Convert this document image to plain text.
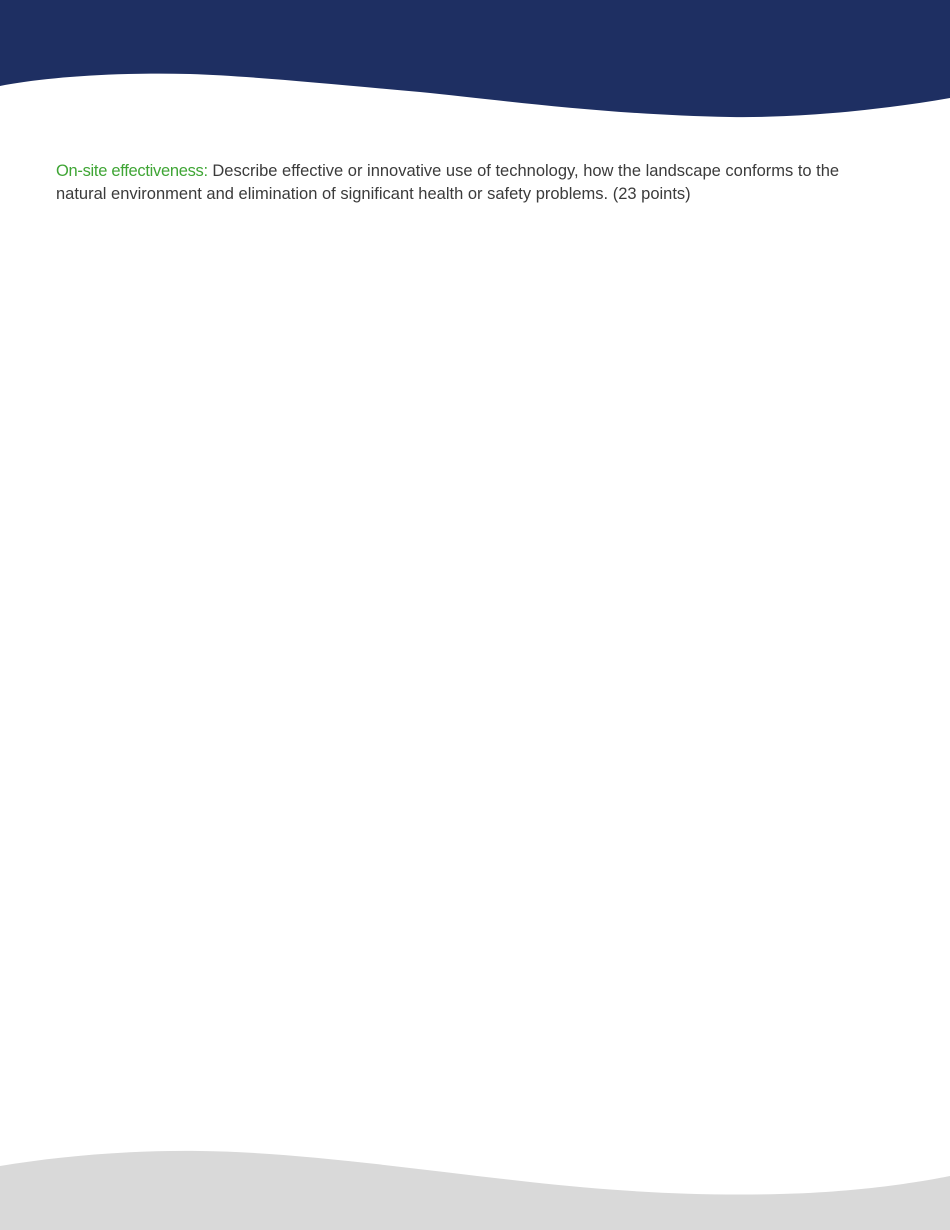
On-site effectiveness: Describe effective or innovative use of technology, how the landscape conforms to the natural environment and elimination of significant health or safety problems. (23 points)
